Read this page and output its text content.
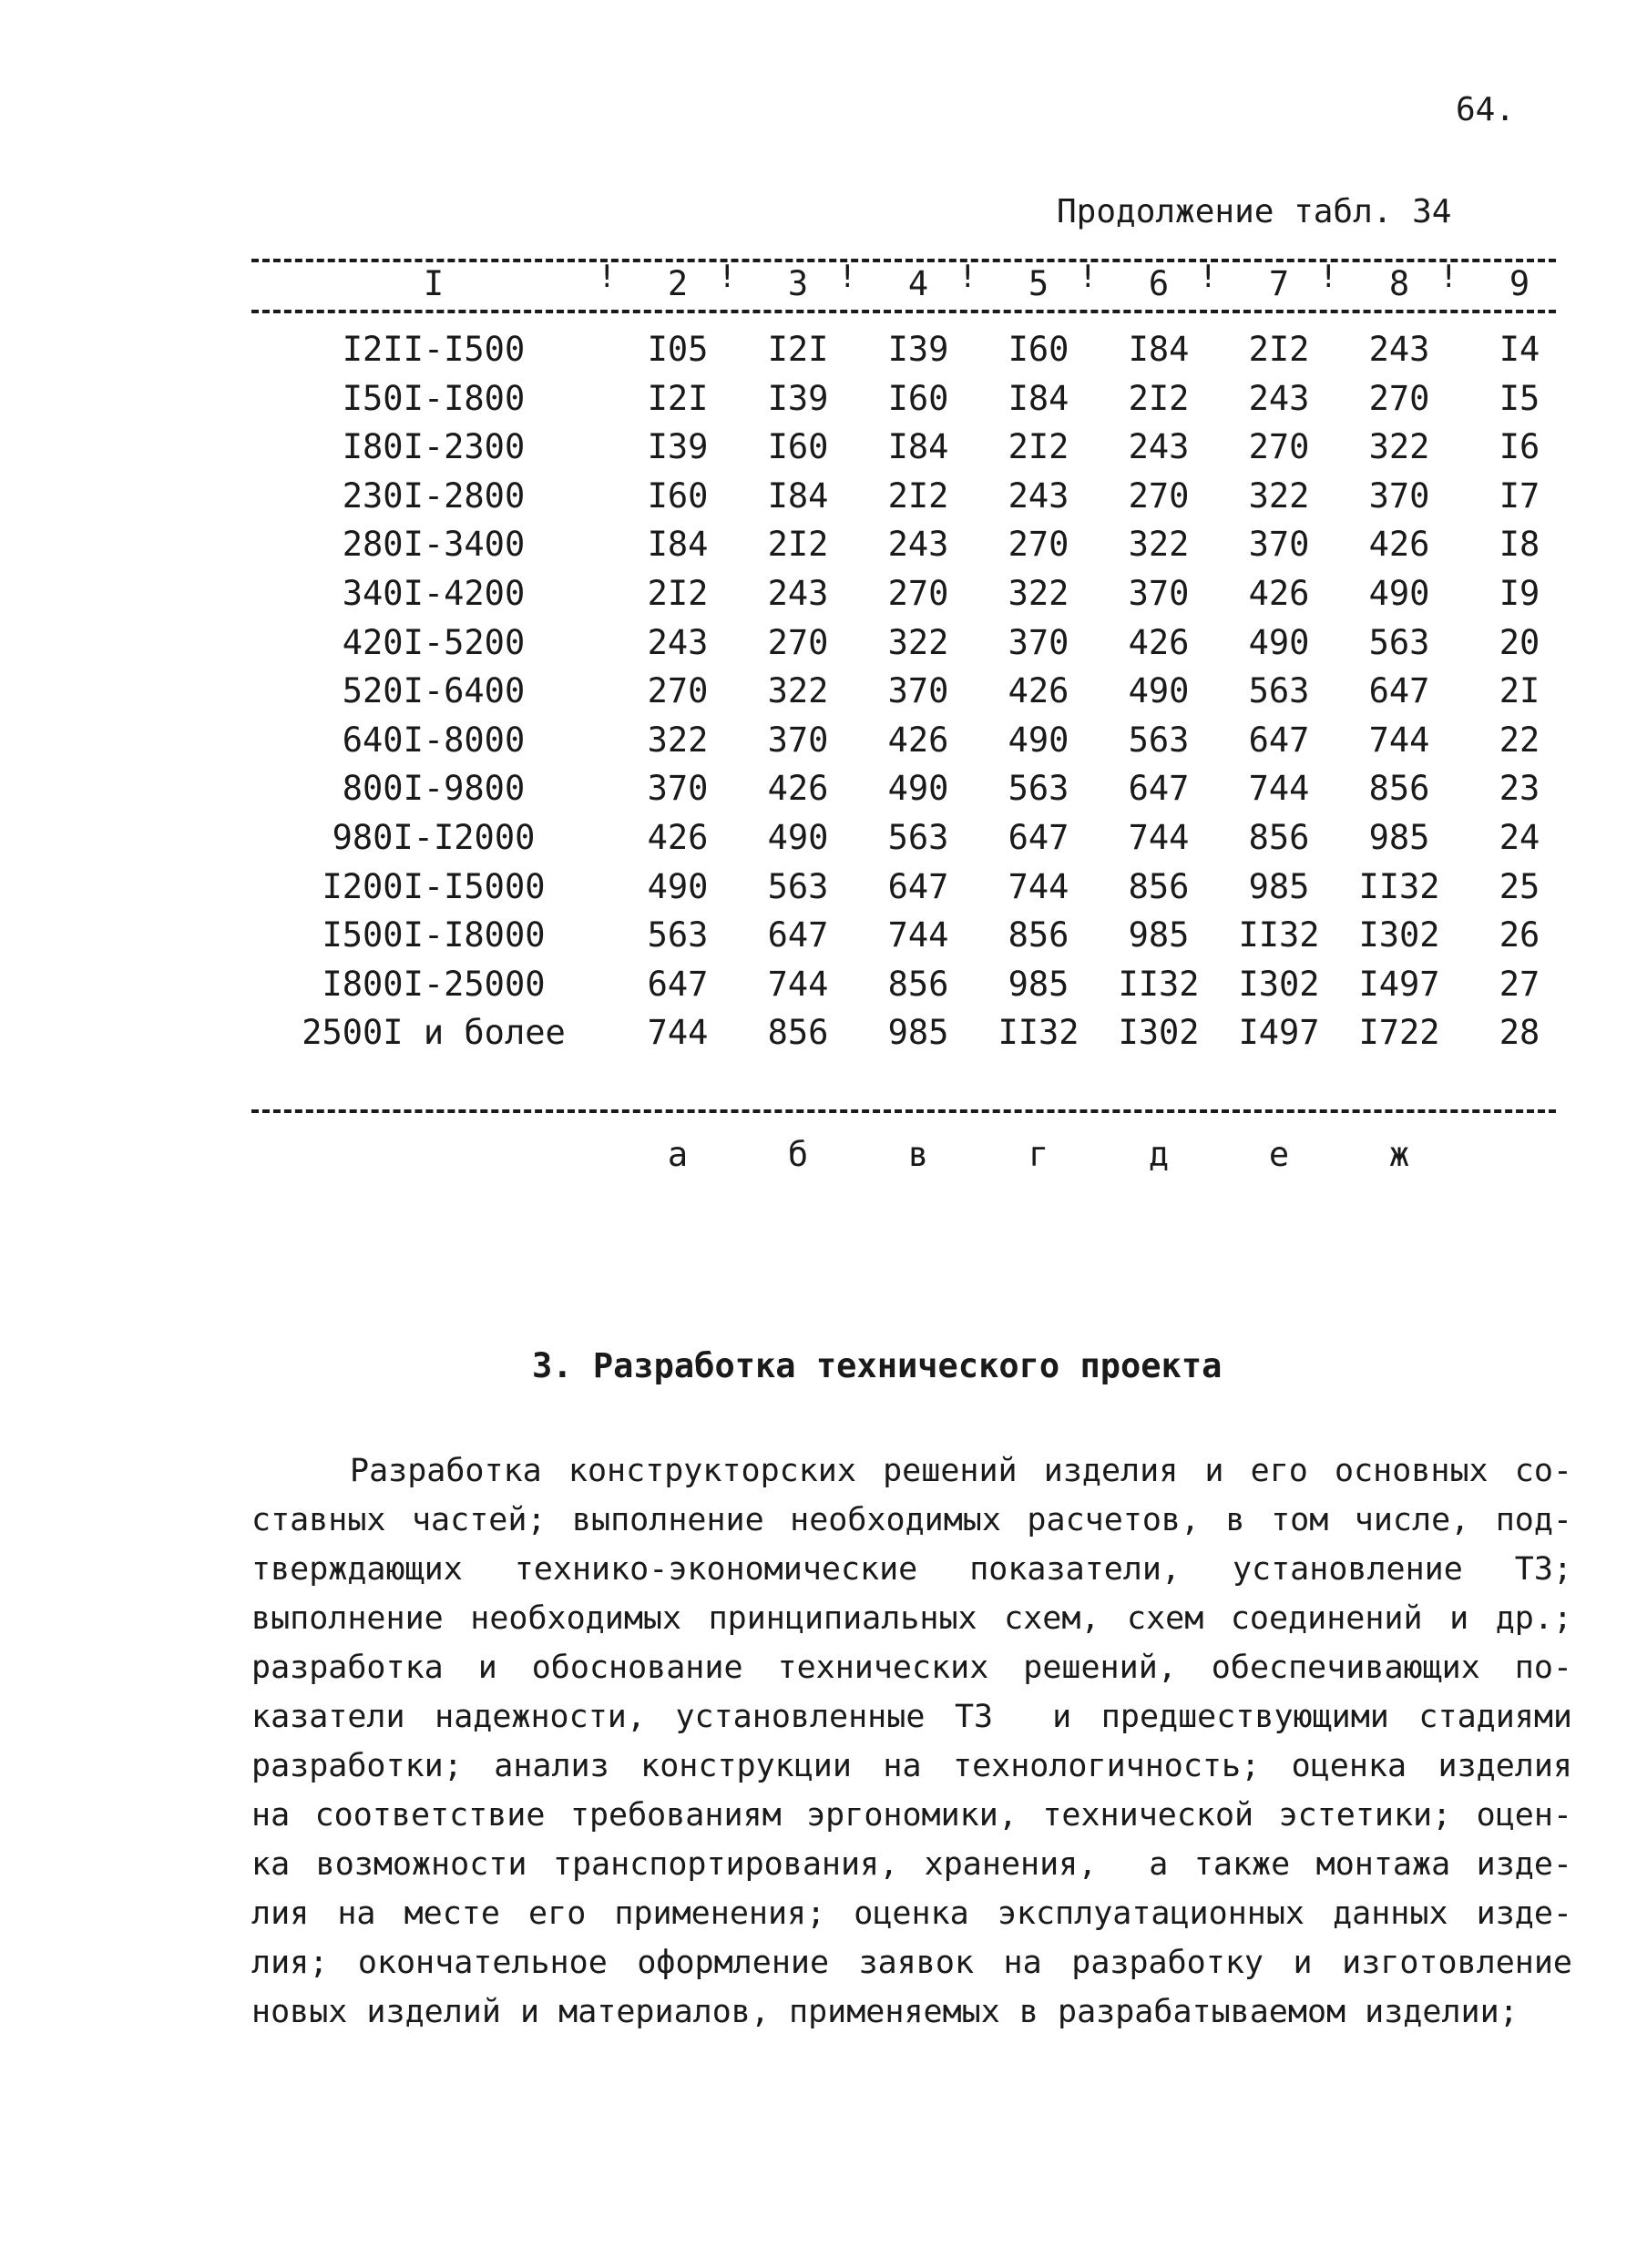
64.
Продолжение табл. 34
I	!	2 !	3 !	4 !	5 !	6 !	7 !	8 !	9
I2II-I500	I05	I2I	I39	I60	I84	2I2	243	I4
I50I-I800	I2I	I39	I60	I84	2I2	243	270	I5
I80I-2300	I39	I60	I84	2I2	243	270	322	I6
230I-2800	I60	I84	2I2	243	270	322	370	I7
280I-3400	I84	2I2	243	270	322	370	426	I8
340I-4200	2I2	243	270	322	370	426	490	I9
420I-5200	243	270	322	370	426	490	563	20
520I-6400	270	322	370	426	490	563	647	2I
640I-8000	322	370	426	490	563	647	744	22
800I-9800	370	426	490	563	647	744	856	23
980I-I2000	426	490	563	647	744	856	985	24
I200I-I5000	490	563	647	744	856	985	II32	25
I500I-I8000	563	647	744	856	985	II32	I302	26
I800I-25000	647	744	856	985	II32	I302	I497	27
2500I и более	744	856	985	II32	I302	I497	I722	28
а	б	в	г	д	е	ж
3. Разработка технического проекта
Разработка конструкторских решений изделия и его основных со-
ставных частей; выполнение необходимых расчетов, в том числе, под-
тверждающих технико-экономические показатели, установление ТЗ;
выполнение необходимых принципиальных схем, схем соединений и др.;
разработка и обоснование технических решений, обеспечивающих по-
казатели надежности, установленные ТЗ  и предшествующими стадиями
разработки; анализ конструкции на технологичность; оценка изделия
на соответствие требованиям эргономики, технической эстетики; оцен-
ка возможности транспортирования, хранения,  а также монтажа изде-
лия на месте его применения; оценка эксплуатационных данных изде-
лия; окончательное оформление заявок на разработку и изготовление
новых изделий и материалов, применяемых в разрабатываемом изделии;
